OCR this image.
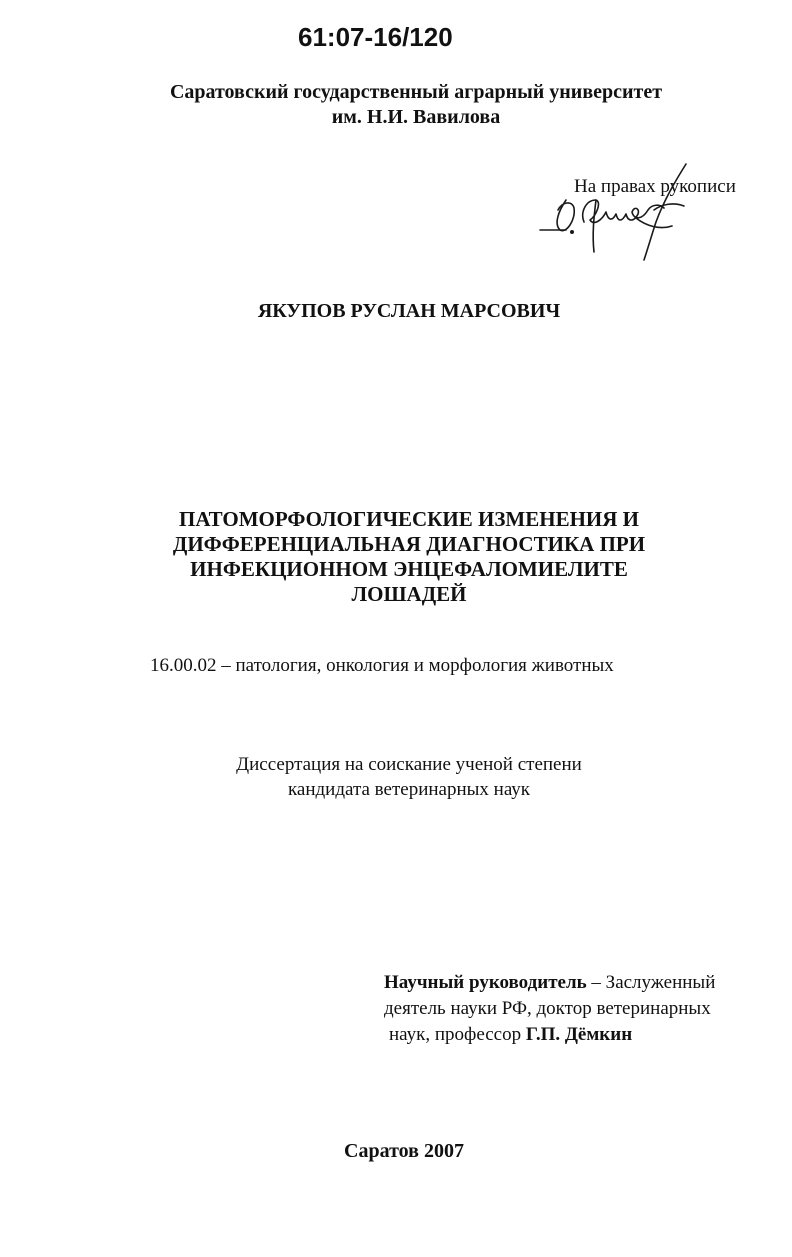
61:07-16/120
Саратовский государственный аграрный университет
им. Н.И. Вавилова
На правах рукописи
ЯКУПОВ РУСЛАН МАРСОВИЧ
ПАТОМОРФОЛОГИЧЕСКИЕ ИЗМЕНЕНИЯ И
ДИФФЕРЕНЦИАЛЬНАЯ ДИАГНОСТИКА ПРИ
ИНФЕКЦИОННОМ ЭНЦЕФАЛОМИЕЛИТЕ
ЛОШАДЕЙ
16.00.02 – патология, онкология и морфология животных
Диссертация на соискание ученой степени
кандидата ветеринарных наук
Научный руководитель – Заслуженный
деятель науки РФ, доктор ветеринарных
наук, профессор Г.П. Дёмкин
Саратов 2007
